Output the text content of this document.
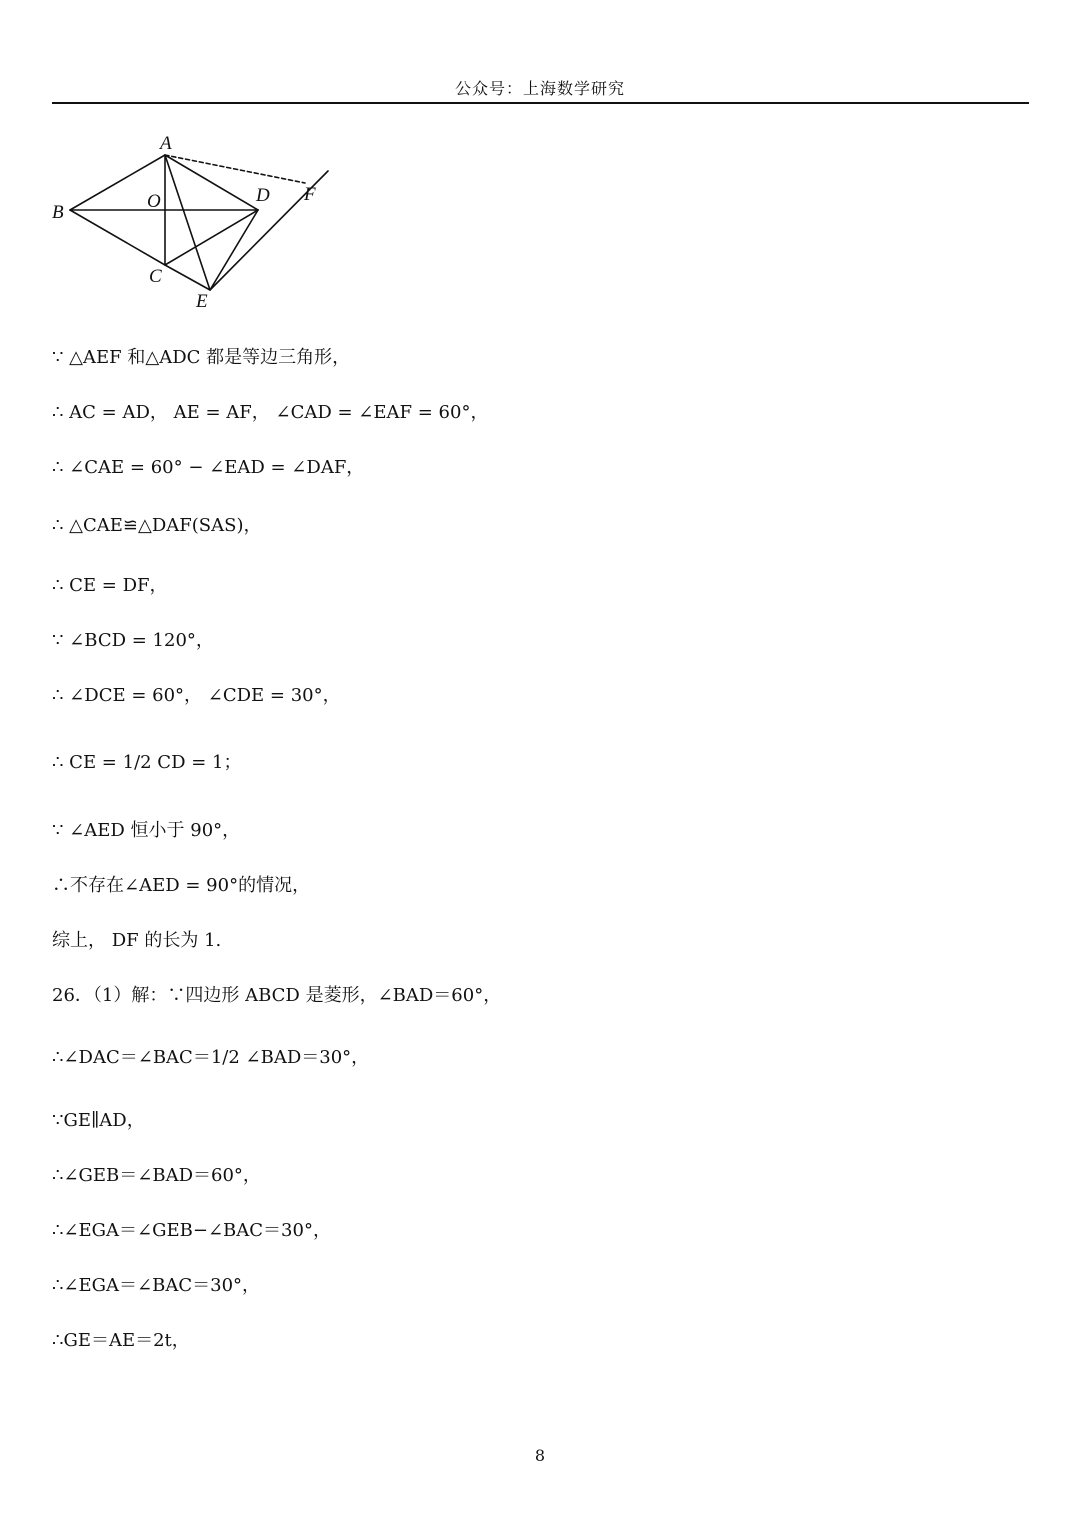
公众号：上海数学研究
A
B
O	D F
C
E
∵ △AEF 和△ADC 都是等边三角形，
∴ AC = AD， AE = AF， ∠CAD = ∠EAF = 60°，
∴ ∠CAE = 60° − ∠EAD = ∠DAF，
∴ △CAE≌△DAF(SAS)，
∴ CE = DF，
∵ ∠BCD = 120°，
∴ ∠DCE = 60°， ∠CDE = 30°，
∴ CE = 1/2 CD = 1；
∵ ∠AED 恒小于 90°，
∴不存在∠AED = 90°的情况，
综上， DF 的长为 1.
26．（1）解：∵四边形 ABCD 是菱形，∠BAD＝60°，
∴∠DAC＝∠BAC＝1/2 ∠BAD＝30°，
∵GE∥AD，
∴∠GEB＝∠BAD＝60°，
∴∠EGA＝∠GEB−∠BAC＝30°，
∴∠EGA＝∠BAC＝30°，
∴GE＝AE＝2t，
8
